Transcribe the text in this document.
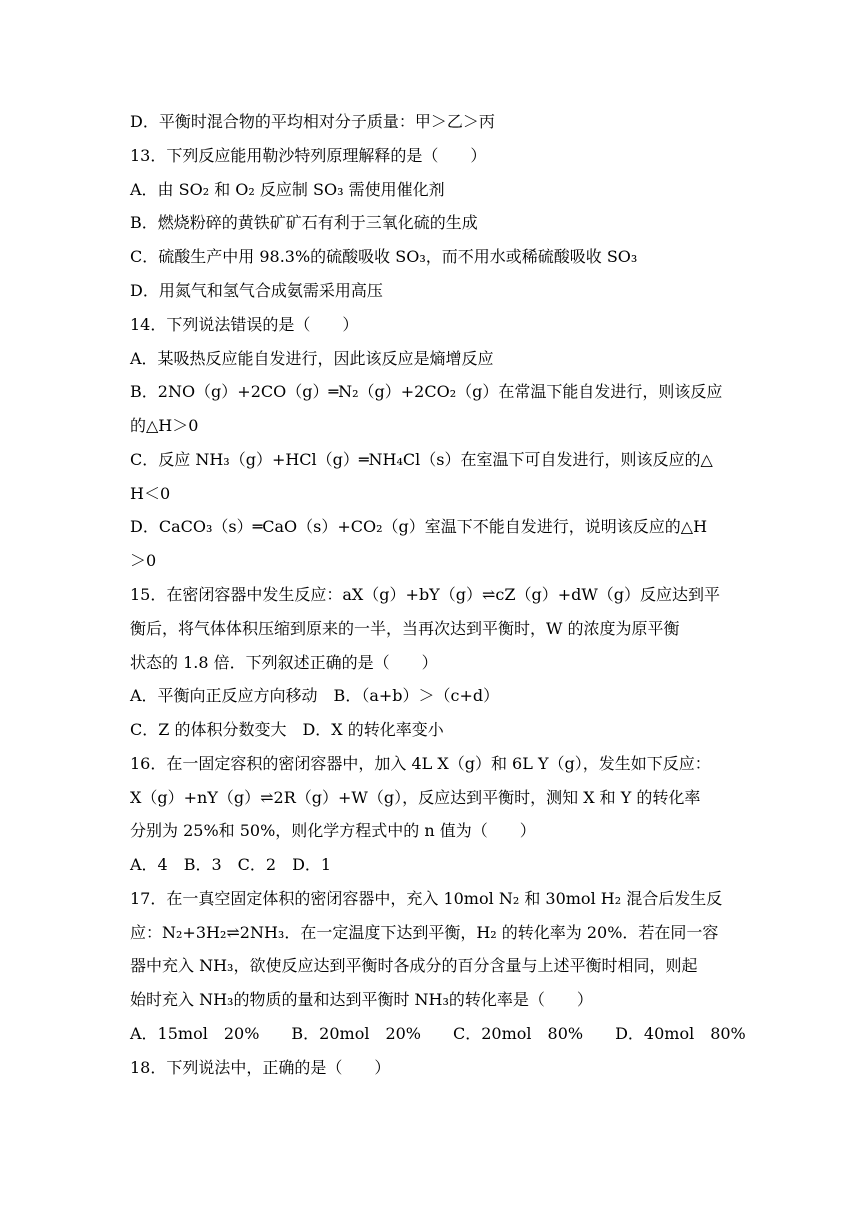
D．平衡时混合物的平均相对分子质量：甲＞乙＞丙
13．下列反应能用勒沙特列原理解释的是（　　）
A．由 SO₂ 和 O₂ 反应制 SO₃ 需使用催化剂
B．燃烧粉碎的黄铁矿矿石有利于三氧化硫的生成
C．硫酸生产中用 98.3%的硫酸吸收 SO₃，而不用水或稀硫酸吸收 SO₃
D．用氮气和氢气合成氨需采用高压
14．下列说法错误的是（　　）
A．某吸热反应能自发进行，因此该反应是熵增反应
B．2NO（g）+2CO（g）═N₂（g）+2CO₂（g）在常温下能自发进行，则该反应
的△H＞0
C．反应 NH₃（g）+HCl（g）═NH₄Cl（s）在室温下可自发进行，则该反应的△
H＜0
D．CaCO₃（s）═CaO（s）+CO₂（g）室温下不能自发进行，说明该反应的△H
＞0
15．在密闭容器中发生反应：aX（g）+bY（g）⇌cZ（g）+dW（g）反应达到平
衡后，将气体体积压缩到原来的一半，当再次达到平衡时，W 的浓度为原平衡
状态的 1.8 倍．下列叙述正确的是（　　）
A．平衡向正反应方向移动　B．（a+b）＞（c+d）
C．Z 的体积分数变大　D．X 的转化率变小
16．在一固定容积的密闭容器中，加入 4L X（g）和 6L Y（g），发生如下反应：
X（g）+nY（g）⇌2R（g）+W（g），反应达到平衡时，测知 X 和 Y 的转化率
分别为 25%和 50%，则化学方程式中的 n 值为（　　）
A．4　B．3　C．2　D．1
17．在一真空固定体积的密闭容器中，充入 10mol N₂ 和 30mol H₂ 混合后发生反
应：N₂+3H₂⇌2NH₃．在一定温度下达到平衡，H₂ 的转化率为 20%．若在同一容
器中充入 NH₃，欲使反应达到平衡时各成分的百分含量与上述平衡时相同，则起
始时充入 NH₃的物质的量和达到平衡时 NH₃的转化率是（　　）
A．15mol　20%　　B．20mol　20%　　C．20mol　80%　　D．40mol　80%
18．下列说法中，正确的是（　　）
